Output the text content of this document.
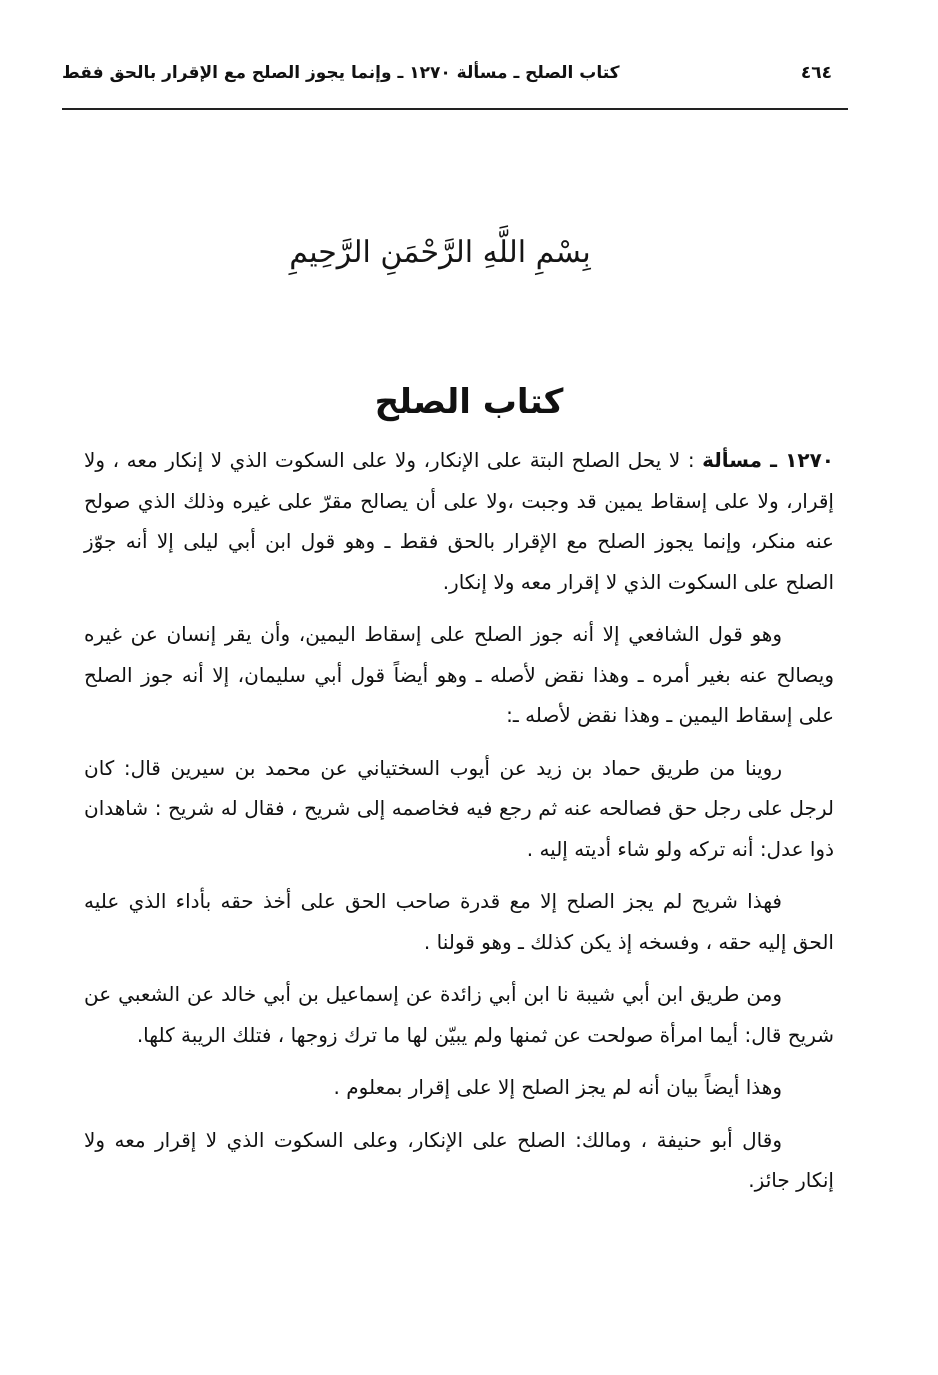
٤٦٤
كتاب الصلح ـ مسألة ١٢٧٠ ـ وإنما يجوز الصلح مع الإقرار بالحق فقط
بِسْمِ اللَّهِ الرَّحْمَنِ الرَّحِيمِ
كتاب الصلح

١٢٧٠ ـ مسألة : لا يحل الصلح البتة على الإنكار، ولا على السكوت الذي لا إنكار معه ، ولا إقرار، ولا على إسقاط يمين قد وجبت ،ولا على أن يصالح مقرّ على غيره وذلك الذي صولح عنه منكر، وإنما يجوز الصلح مع الإقرار بالحق فقط ـ وهو قول ابن أبي ليلى إلا أنه جوّز الصلح على السكوت الذي لا إقرار معه ولا إنكار.

وهو قول الشافعي إلا أنه جوز الصلح على إسقاط اليمين، وأن يقر إنسان عن غيره ويصالح عنه بغير أمره ـ وهذا نقض لأصله ـ وهو أيضاً قول أبي سليمان، إلا أنه جوز الصلح على إسقاط اليمين ـ وهذا نقض لأصله ـ:

روينا من طريق حماد بن زيد عن أيوب السختياني عن محمد بن سيرين قال: كان لرجل على رجل حق فصالحه عنه ثم رجع فيه فخاصمه إلى شريح ، فقال له شريح : شاهدان ذوا عدل: أنه تركه ولو شاء أديته إليه .

فهذا شريح لم يجز الصلح إلا مع قدرة صاحب الحق على أخذ حقه بأداء الذي عليه الحق إليه حقه ، وفسخه إذ يكن كذلك ـ وهو قولنا .

ومن طريق ابن أبي شيبة نا ابن أبي زائدة عن إسماعيل بن أبي خالد عن الشعبي عن شريح قال: أيما امرأة صولحت عن ثمنها ولم يبيّن لها ما ترك زوجها ، فتلك الريبة كلها.

وهذا أيضاً بيان أنه لم يجز الصلح إلا على إقرار بمعلوم .

وقال أبو حنيفة ، ومالك: الصلح على الإنكار، وعلى السكوت الذي لا إقرار معه ولا إنكار جائز.
